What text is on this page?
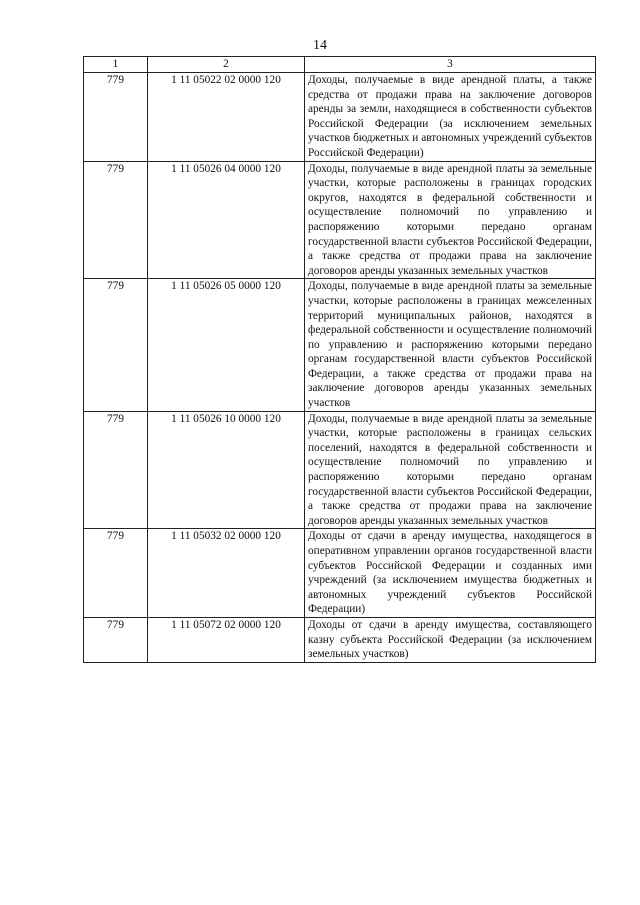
14
1	2	3
779	1 11 05022 02 0000 120	Доходы, получаемые в виде арендной платы, а также средства от продажи права на заключение договоров аренды за земли, находящиеся в собственности субъектов Российской Федерации (за исключением земельных участков бюджетных и автономных учреждений субъектов Российской Федерации)
779	1 11 05026 04 0000 120	Доходы, получаемые в виде арендной платы за земельные участки, которые расположены в границах городских округов, находятся в федеральной собственности и осуществление полномочий по управлению и распоряжению которыми передано органам государственной власти субъектов Российской Федерации, а также средства от продажи права на заключение договоров аренды указанных земельных участков
779	1 11 05026 05 0000 120	Доходы, получаемые в виде арендной платы за земельные участки, которые расположены в границах межселенных территорий муниципальных районов, находятся в федеральной собственности и осуществление полномочий по управлению и распоряжению которыми передано органам государственной власти субъектов Российской Федерации, а также средства от продажи права на заключение договоров аренды указанных земельных участков
779	1 11 05026 10 0000 120	Доходы, получаемые в виде арендной платы за земельные участки, которые расположены в границах сельских поселений, находятся в федеральной собственности и осуществление полномочий по управлению и распоряжению которыми передано органам государственной власти субъектов Российской Федерации, а также средства от продажи права на заключение договоров аренды указанных земельных участков
779	1 11 05032 02 0000 120	Доходы от сдачи в аренду имущества, находящегося в оперативном управлении органов государственной власти субъектов Российской Федерации и созданных ими учреждений (за исключением имущества бюджетных и автономных учреждений субъектов Российской Федерации)
779	1 11 05072 02 0000 120	Доходы от сдачи в аренду имущества, составляющего казну субъекта Российской Федерации (за исключением земельных участков)
